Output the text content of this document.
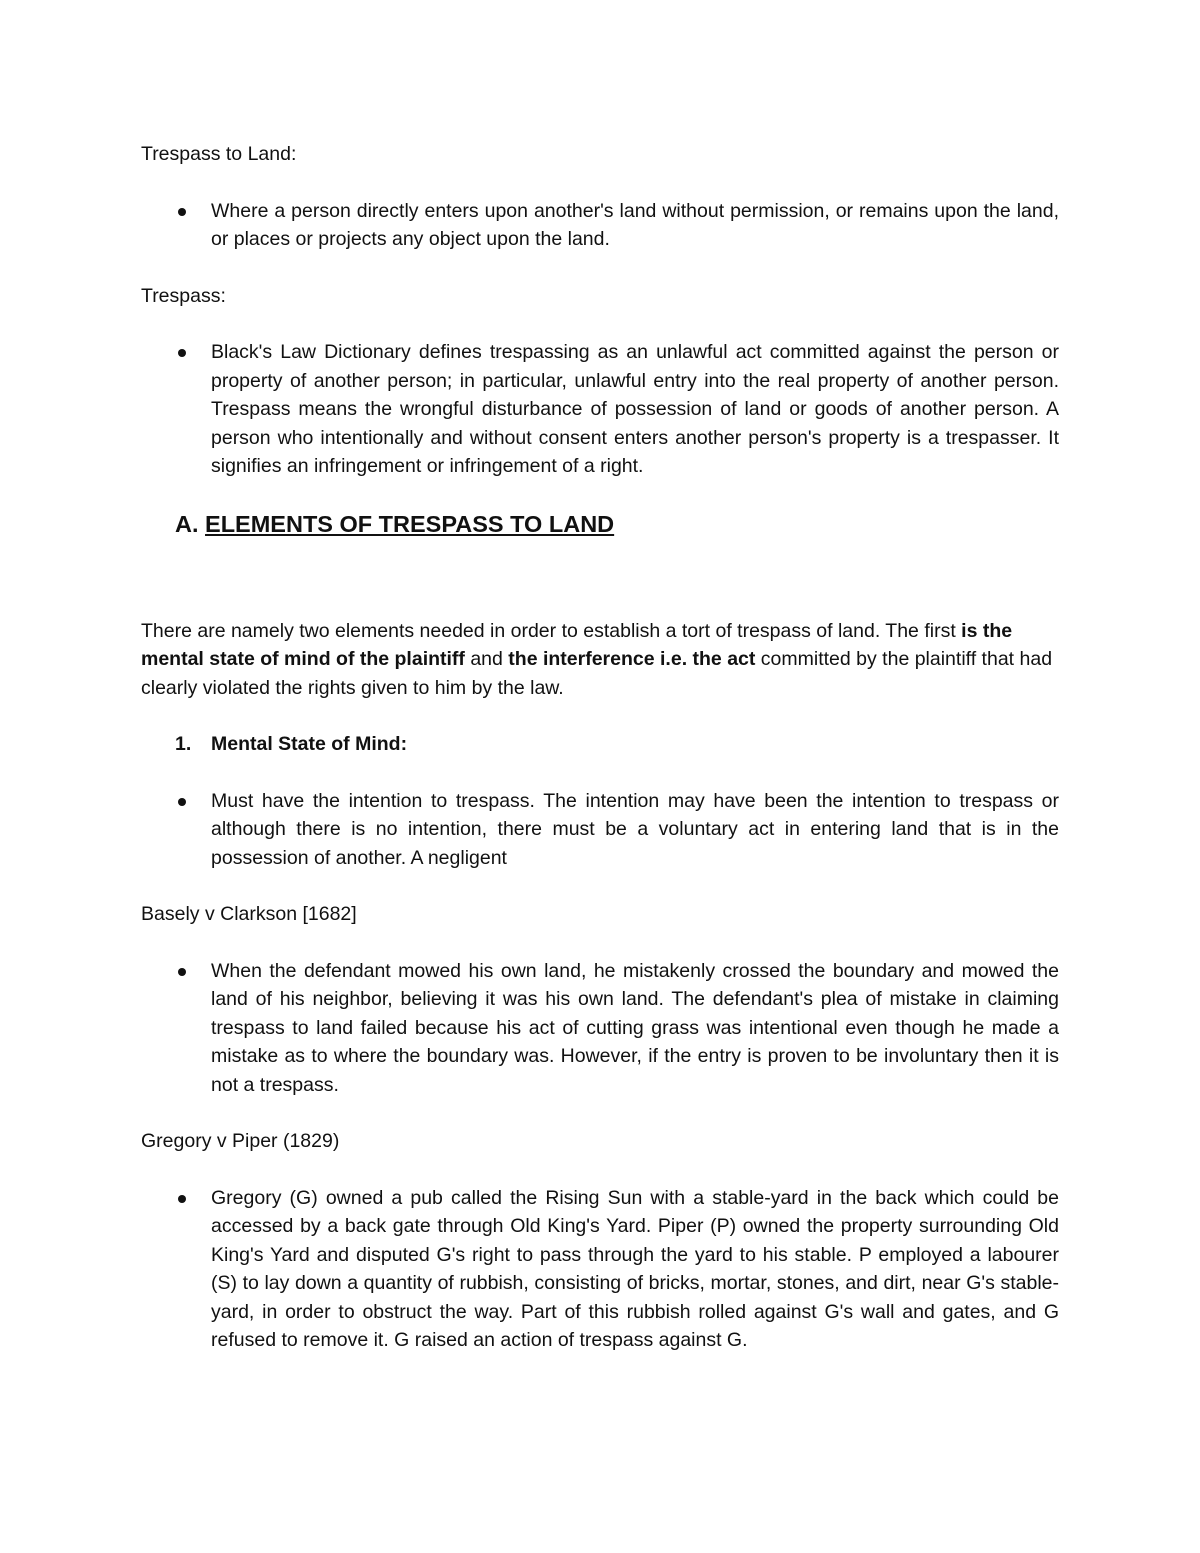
Trespass to Land:

Where a person directly enters upon another's land without permission, or remains upon the land, or places or projects any object upon the land.

Trespass:

Black's Law Dictionary defines trespassing as an unlawful act committed against the person or property of another person; in particular, unlawful entry into the real property of another person. Trespass means the wrongful disturbance of possession of land or goods of another person. A person who intentionally and without consent enters another person's property is a trespasser. It signifies an infringement or infringement of a right.
A. ELEMENTS OF TRESPASS TO LAND

There are namely two elements needed in order to establish a tort of trespass of land. The first is the mental state of mind of the plaintiff and the interference i.e. the act committed by the plaintiff that had clearly violated the rights given to him by the law.

1. Mental State of Mind:

Must have the intention to trespass. The intention may have been the intention to trespass or although there is no intention, there must be a voluntary act in entering land that is in the possession of another. A negligent

Basely v Clarkson [1682]

When the defendant mowed his own land, he mistakenly crossed the boundary and mowed the land of his neighbor, believing it was his own land. The defendant's plea of mistake in claiming trespass to land failed because his act of cutting grass was intentional even though he made a mistake as to where the boundary was. However, if the entry is proven to be involuntary then it is not a trespass.

Gregory v Piper (1829)

Gregory (G) owned a pub called the Rising Sun with a stable-yard in the back which could be accessed by a back gate through Old King's Yard. Piper (P) owned the property surrounding Old King's Yard and disputed G's right to pass through the yard to his stable. P employed a labourer (S) to lay down a quantity of rubbish, consisting of bricks, mortar, stones, and dirt, near G's stable-yard, in order to obstruct the way. Part of this rubbish rolled against G's wall and gates, and G refused to remove it. G raised an action of trespass against G.
